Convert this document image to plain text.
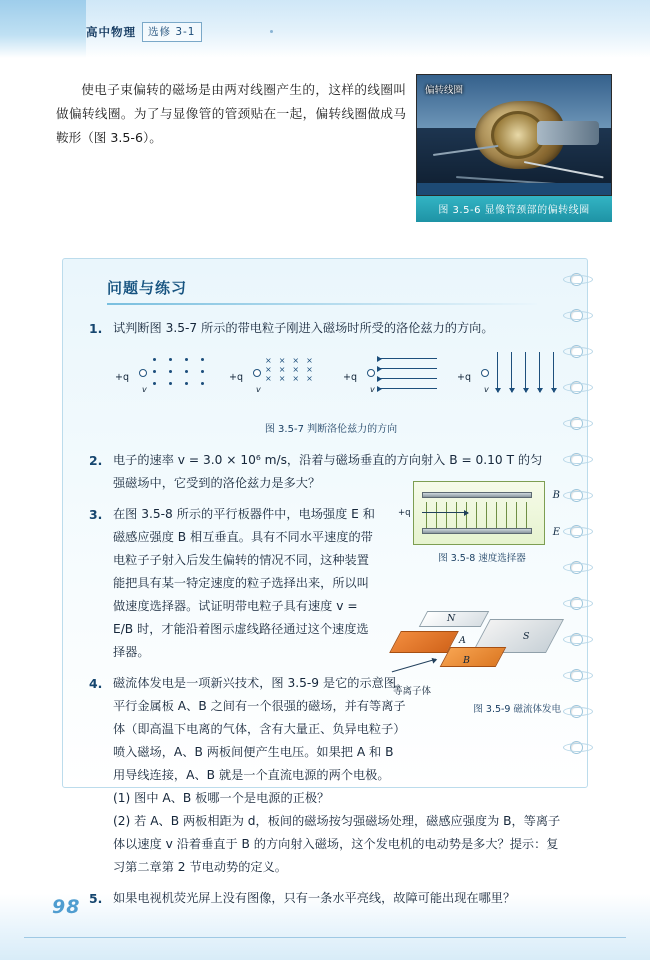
高中物理	选修 3-1

使电子束偏转的磁场是由两对线圈产生的，这样的线圈叫做偏转线圈。为了与显像管的管颈贴在一起，偏转线圈做成马鞍形（图 3.5-6）。

偏转线圈
图 3.5-6 显像管颈部的偏转线圈
问题与练习
1. 试判断图 3.5-7 所示的带电粒子刚进入磁场时所受的洛伦兹力的方向。

+q
v
+q
v
××××
××××
××××	+q
v
+q
v
图 3.5-7 判断洛伦兹力的方向
2. 电子的速率 v = 3.0 × 10⁶ m/s，沿着与磁场垂直的方向射入 B = 0.10 T 的匀强磁场中，它受到的洛伦兹力是多大？

3. 在图 3.5-8 所示的平行板器件中，电场强度 E 和磁感应强度 B 相互垂直。具有不同水平速度的带电粒子子射入后发生偏转的情况不同，这种装置能把具有某一特定速度的粒子选择出来，所以叫做速度选择器。试证明带电粒子具有速度 v = E/B 时，才能沿着图示虚线路径通过这个速度选择器。

4. 磁流体发电是一项新兴技术，图 3.5-9 是它的示意图。平行金属板 A、B 之间有一个很强的磁场，并有等离子体（即高温下电离的气体，含有大量正、负异电粒子）喷入磁场，A、B 两板间便产生电压。如果把 A 和 B 用导线连接，A、B 就是一个直流电源的两个电极。

(1) 图中 A、B 板哪一个是电源的正极？

(2) 若 A、B 两板相距为 d，板间的磁场按匀强磁场处理，磁感应强度为 B，等离子体以速度 v 沿着垂直于 B 的方向射入磁场，这个发电机的电动势是多大？提示：复习第二章第 2 节电动势的定义。

5. 如果电视机荧光屏上没有图像，只有一条水平亮线，故障可能出现在哪里？

+q
B
E
图 3.5-8 速度选择器
N
S
A
B
等离子体
图 3.5-9 磁流体发电
98
